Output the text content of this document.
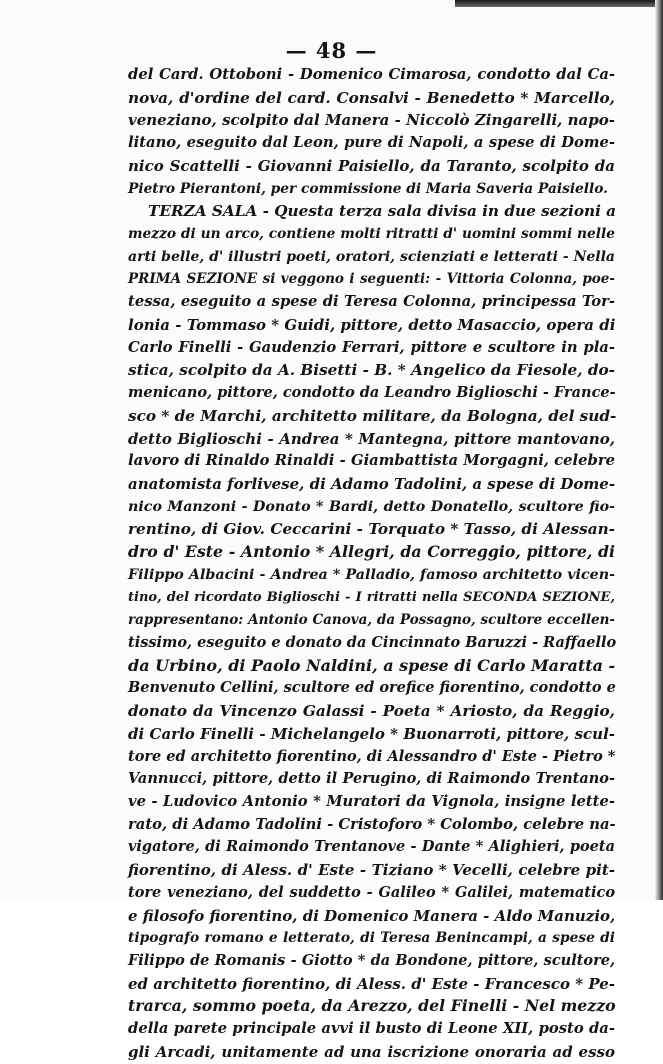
— 48 —
del Card. Ottoboni - Domenico Cimarosa, condotto dal Ca-
nova, d'ordine del card. Consalvi - Benedetto * Marcello,
veneziano, scolpito dal Manera - Niccolò Zingarelli, napo-
litano, eseguito dal Leon, pure di Napoli, a spese di Dome-
nico Scattelli - Giovanni Paisiello, da Taranto, scolpito da
Pietro Pierantoni, per commissione di Maria Saveria Paisiello.
TERZA SALA - Questa terza sala divisa in due sezioni a
mezzo di un arco, contiene molti ritratti d' uomini sommi nelle
arti belle, d' illustri poeti, oratori, scienziati e letterati - Nella
PRIMA SEZIONE si veggono i seguenti: - Vittoria Colonna, poe-
tessa, eseguito a spese di Teresa Colonna, principessa Tor-
lonia - Tommaso * Guidi, pittore, detto Masaccio, opera di
Carlo Finelli - Gaudenzio Ferrari, pittore e scultore in pla-
stica, scolpito da A. Bisetti - B. * Angelico da Fiesole, do-
menicano, pittore, condotto da Leandro Biglioschi - France-
sco * de Marchi, architetto militare, da Bologna, del sud-
detto Biglioschi - Andrea * Mantegna, pittore mantovano,
lavoro di Rinaldo Rinaldi - Giambattista Morgagni, celebre
anatomista forlivese, di Adamo Tadolini, a spese di Dome-
nico Manzoni - Donato * Bardi, detto Donatello, scultore fio-
rentino, di Giov. Ceccarini - Torquato * Tasso, di Alessan-
dro d' Este - Antonio * Allegri, da Correggio, pittore, di
Filippo Albacini - Andrea * Palladio, famoso architetto vicen-
tino, del ricordato Biglioschi - I ritratti nella SECONDA SEZIONE,
rappresentano: Antonio Canova, da Possagno, scultore eccellen-
tissimo, eseguito e donato da Cincinnato Baruzzi - Raffaello
da Urbino, di Paolo Naldini, a spese di Carlo Maratta -
Benvenuto Cellini, scultore ed orefice fiorentino, condotto e
donato da Vincenzo Galassi - Poeta * Ariosto, da Reggio,
di Carlo Finelli - Michelangelo * Buonarroti, pittore, scul-
tore ed architetto fiorentino, di Alessandro d' Este - Pietro *
Vannucci, pittore, detto il Perugino, di Raimondo Trentano-
ve - Ludovico Antonio * Muratori da Vignola, insigne lette-
rato, di Adamo Tadolini - Cristoforo * Colombo, celebre na-
vigatore, di Raimondo Trentanove - Dante * Alighieri, poeta
fiorentino, di Aless. d' Este - Tiziano * Vecelli, celebre pit-
tore veneziano, del suddetto - Galileo * Galilei, matematico
e filosofo fiorentino, di Domenico Manera - Aldo Manuzio,
tipografo romano e letterato, di Teresa Benincampi, a spese di
Filippo de Romanis - Giotto * da Bondone, pittore, scultore,
ed architetto fiorentino, di Aless. d' Este - Francesco * Pe-
trarca, sommo poeta, da Arezzo, del Finelli - Nel mezzo
della parete principale avvi il busto di Leone XII, posto da-
gli Arcadi, unitamente ad una iscrizione onoraria ad esso
